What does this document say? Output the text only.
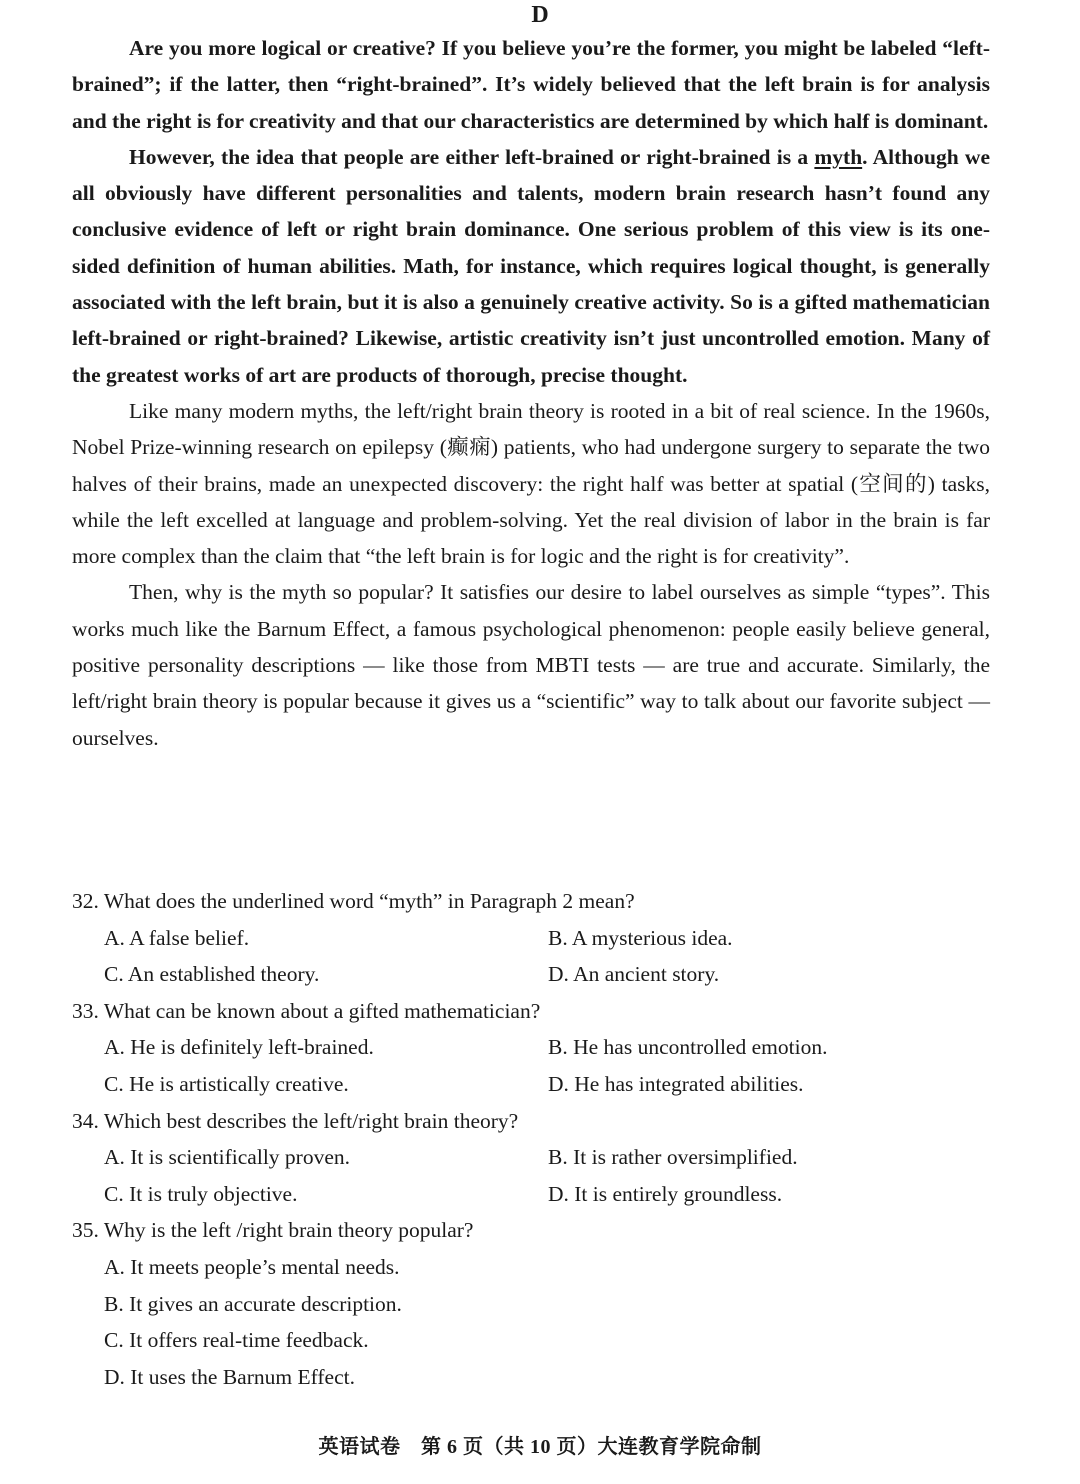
D

Are you more logical or creative? If you believe you’re the former, you might be labeled “left-brained”; if the latter, then “right-brained”. It’s widely believed that the left brain is for analysis and the right is for creativity and that our characteristics are determined by which half is dominant.

However, the idea that people are either left-brained or right-brained is a myth. Although we all obviously have different personalities and talents, modern brain research hasn’t found any conclusive evidence of left or right brain dominance. One serious problem of this view is its one-sided definition of human abilities. Math, for instance, which requires logical thought, is generally associated with the left brain, but it is also a genuinely creative activity. So is a gifted mathematician left-brained or right-brained? Likewise, artistic creativity isn’t just uncontrolled emotion. Many of the greatest works of art are products of thorough, precise thought.

Like many modern myths, the left/right brain theory is rooted in a bit of real science. In the 1960s, Nobel Prize-winning research on epilepsy (癫痫) patients, who had undergone surgery to separate the two halves of their brains, made an unexpected discovery: the right half was better at spatial (空间的) tasks, while the left excelled at language and problem-solving. Yet the real division of labor in the brain is far more complex than the claim that “the left brain is for logic and the right is for creativity”.

Then, why is the myth so popular? It satisfies our desire to label ourselves as simple “types”. This works much like the Barnum Effect, a famous psychological phenomenon: people easily believe general, positive personality descriptions — like those from MBTI tests — are true and accurate. Similarly, the left/right brain theory is popular because it gives us a “scientific” way to talk about our favorite subject — ourselves.

32. What does the underlined word “myth” in Paragraph 2 mean?
A. A false belief.	B. A mysterious idea.
C. An established theory.	D. An ancient story.
33. What can be known about a gifted mathematician?
A. He is definitely left-brained.	B. He has uncontrolled emotion.
C. He is artistically creative.	D. He has integrated abilities.
34. Which best describes the left/right brain theory?
A. It is scientifically proven.	B. It is rather oversimplified.
C. It is truly objective.	D. It is entirely groundless.
35. Why is the left /right brain theory popular?
A. It meets people’s mental needs.
B. It gives an accurate description.
C. It offers real-time feedback.
D. It uses the Barnum Effect.
英语试卷　第 6 页（共 10 页）大连教育学院命制
